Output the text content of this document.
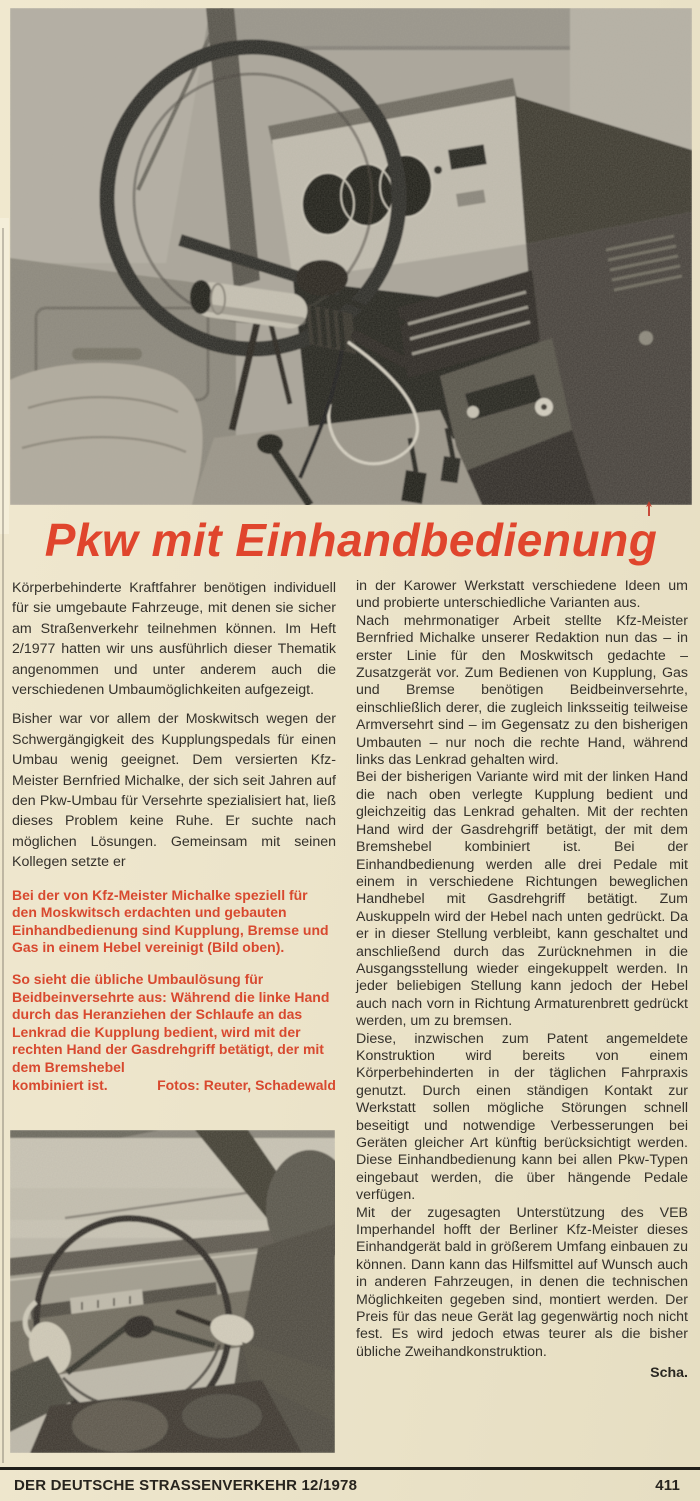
Pkw mit Einhandbedienung

Körperbehinderte Kraftfahrer benötigen individuell für sie umgebaute Fahrzeuge, mit denen sie sicher am Straßenverkehr teilnehmen können. Im Heft 2/1977 hatten wir uns ausführlich dieser Thematik angenommen und unter anderem auch die verschiedenen Umbaumöglichkeiten aufgezeigt.

Bisher war vor allem der Moskwitsch wegen der Schwergängigkeit des Kupplungspedals für einen Umbau wenig geeignet. Dem versierten Kfz-Meister Bernfried Michalke, der sich seit Jahren auf den Pkw-Umbau für Versehrte spezialisiert hat, ließ dieses Problem keine Ruhe. Er suchte nach möglichen Lösungen. Gemeinsam mit seinen Kollegen setzte er

Bei der von Kfz-Meister Michalke speziell für den Moskwitsch erdachten und gebauten Einhandbedienung sind Kupplung, Bremse und Gas in einem Hebel vereinigt (Bild oben).

So sieht die übliche Umbaulösung für Beidbeinversehrte aus: Während die linke Hand durch das Heranziehen der Schlaufe an das Lenkrad die Kupplung bedient, wird mit der rechten Hand der Gasdrehgriff betätigt, der mit dem Bremshebel
kombiniert ist.	Fotos: Reuter, Schadewald

in der Karower Werkstatt verschiedene Ideen um und probierte unterschiedliche Varianten aus.

Nach mehrmonatiger Arbeit stellte Kfz-Meister Bernfried Michalke unserer Redaktion nun das – in erster Linie für den Moskwitsch gedachte – Zusatzgerät vor. Zum Bedienen von Kupplung, Gas und Bremse benötigen Beidbeinversehrte, einschließlich derer, die zugleich linksseitig teilweise Armversehrt sind – im Gegensatz zu den bisherigen Umbauten – nur noch die rechte Hand, während links das Lenkrad gehalten wird.

Bei der bisherigen Variante wird mit der linken Hand die nach oben verlegte Kupplung bedient und gleichzeitig das Lenkrad gehalten. Mit der rechten Hand wird der Gasdrehgriff betätigt, der mit dem Bremshebel kombiniert ist. Bei der Einhandbedienung werden alle drei Pedale mit einem in verschiedene Richtungen beweglichen Handhebel mit Gasdrehgriff betätigt. Zum Auskuppeln wird der Hebel nach unten gedrückt. Da er in dieser Stellung verbleibt, kann geschaltet und anschließend durch das Zurücknehmen in die Ausgangsstellung wieder eingekuppelt werden. In jeder beliebigen Stellung kann jedoch der Hebel auch nach vorn in Richtung Armaturenbrett gedrückt werden, um zu bremsen.

Diese, inzwischen zum Patent angemeldete Konstruktion wird bereits von einem Körperbehinderten in der täglichen Fahrpraxis genutzt. Durch einen ständigen Kontakt zur Werkstatt sollen mögliche Störungen schnell beseitigt und notwendige Verbesserungen bei Geräten gleicher Art künftig berücksichtigt werden. Diese Einhandbedienung kann bei allen Pkw-Typen eingebaut werden, die über hängende Pedale verfügen.

Mit der zugesagten Unterstützung des VEB Imperhandel hofft der Berliner Kfz-Meister dieses Einhandgerät bald in größerem Umfang einbauen zu können. Dann kann das Hilfsmittel auf Wunsch auch in anderen Fahrzeugen, in denen die technischen Möglichkeiten gegeben sind, montiert werden. Der Preis für das neue Gerät lag gegenwärtig noch nicht fest. Es wird jedoch etwas teurer als die bisher übliche Zweihandkonstruktion.

Scha.

DER DEUTSCHE STRASSENVERKEHR 12/1978	411
